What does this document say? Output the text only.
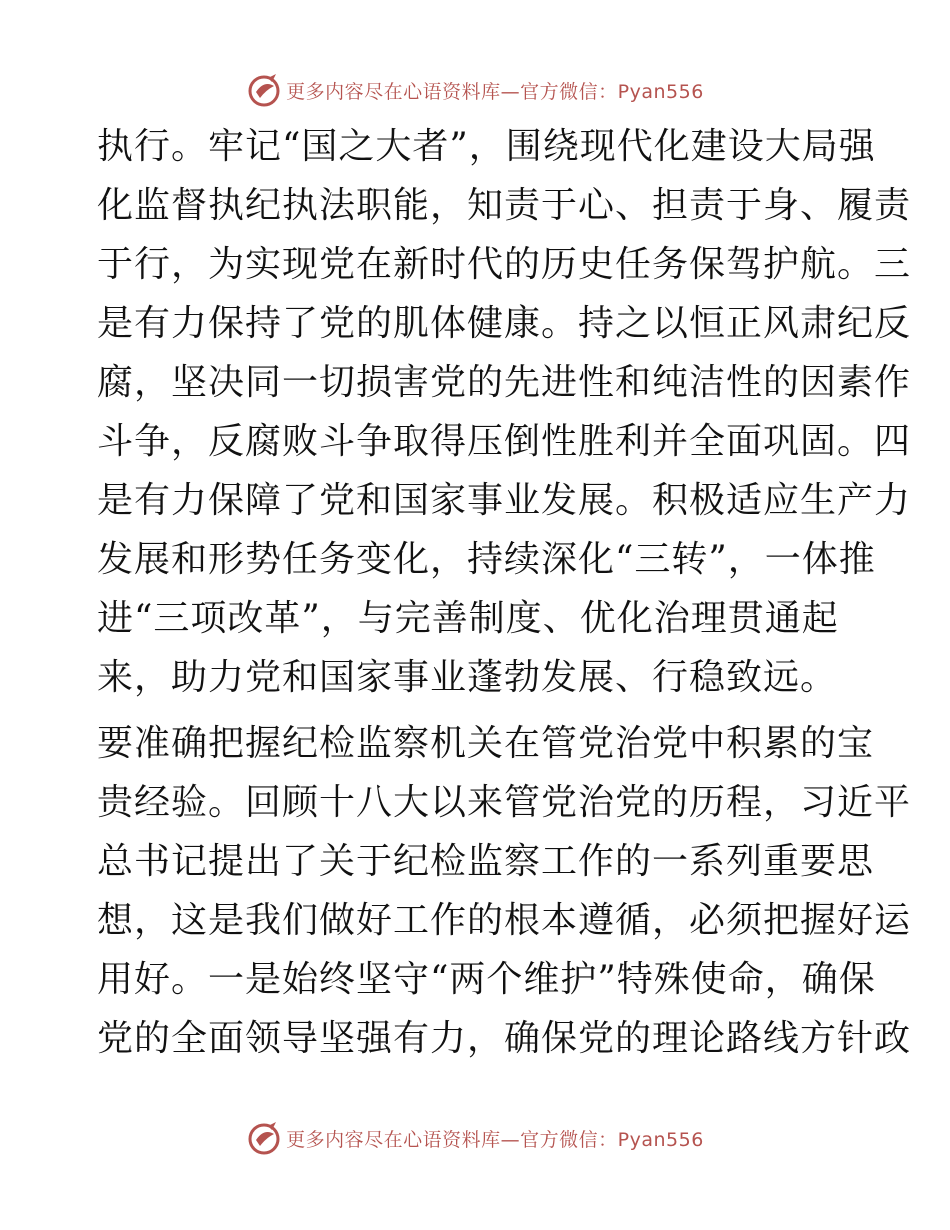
更多内容尽在心语资料库—官方微信：Pyan556

执行。牢记“国之大者”，围绕现代化建设大局强
化监督执纪执法职能，知责于心、担责于身、履责
于行，为实现党在新时代的历史任务保驾护航。三
是有力保持了党的肌体健康。持之以恒正风肃纪反
腐，坚决同一切损害党的先进性和纯洁性的因素作
斗争，反腐败斗争取得压倒性胜利并全面巩固。四
是有力保障了党和国家事业发展。积极适应生产力
发展和形势任务变化，持续深化“三转”，一体推
进“三项改革”，与完善制度、优化治理贯通起
来，助力党和国家事业蓬勃发展、行稳致远。

要准确把握纪检监察机关在管党治党中积累的宝
贵经验。回顾十八大以来管党治党的历程，习近平
总书记提出了关于纪检监察工作的一系列重要思
想，这是我们做好工作的根本遵循，必须把握好运
用好。一是始终坚守“两个维护”特殊使命，确保
党的全面领导坚强有力，确保党的理论路线方针政

更多内容尽在心语资料库—官方微信：Pyan556
